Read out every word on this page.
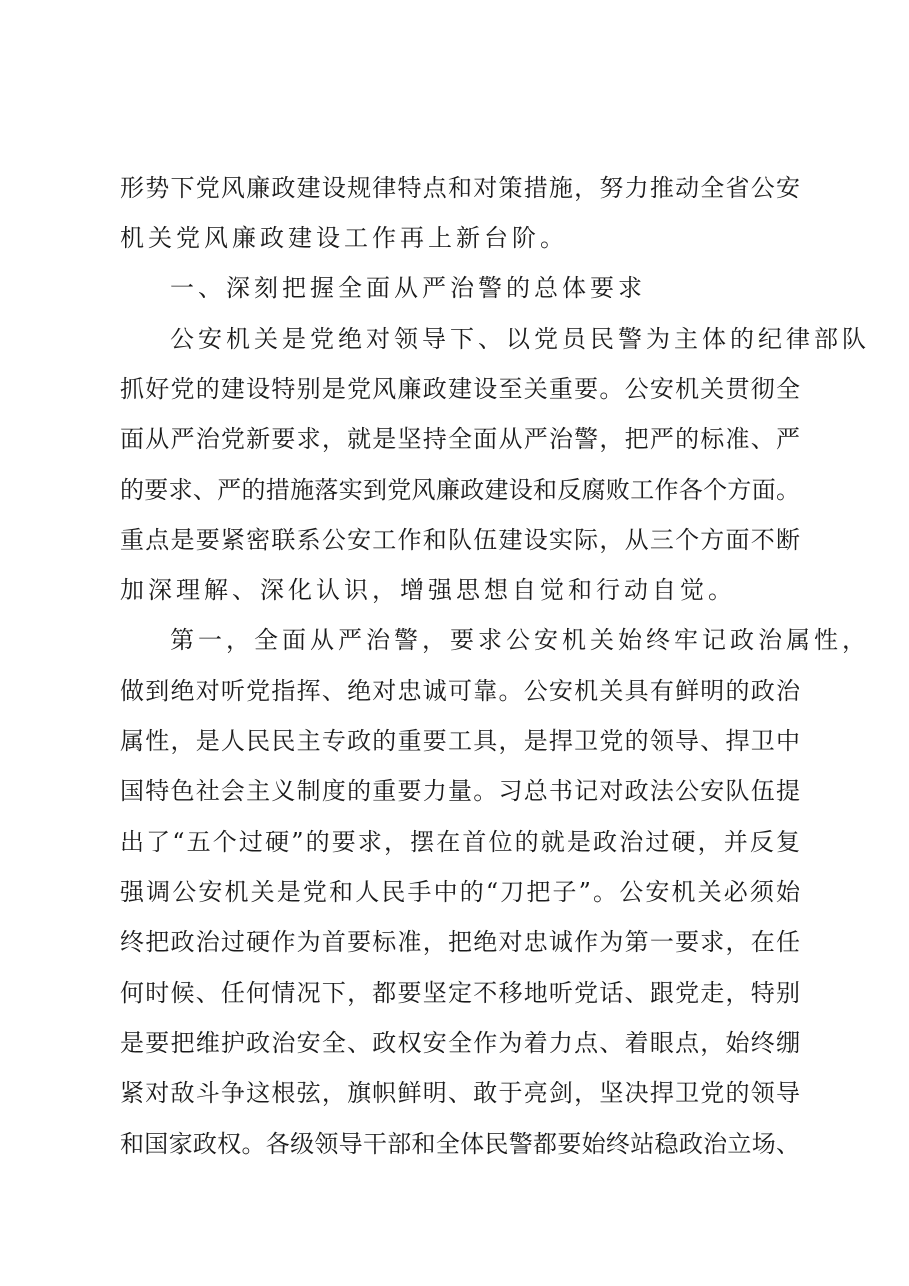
形势下党风廉政建设规律特点和对策措施，努力推动全省公安
机关党风廉政建设工作再上新台阶。
一、深刻把握全面从严治警的总体要求
公安机关是党绝对领导下、以党员民警为主体的纪律部队
抓好党的建设特别是党风廉政建设至关重要。公安机关贯彻全
面从严治党新要求，就是坚持全面从严治警，把严的标准、严
的要求、严的措施落实到党风廉政建设和反腐败工作各个方面。
重点是要紧密联系公安工作和队伍建设实际，从三个方面不断
加深理解、深化认识，增强思想自觉和行动自觉。
第一，全面从严治警，要求公安机关始终牢记政治属性，
做到绝对听党指挥、绝对忠诚可靠。公安机关具有鲜明的政治
属性，是人民民主专政的重要工具，是捍卫党的领导、捍卫中
国特色社会主义制度的重要力量。习总书记对政法公安队伍提
出了“五个过硬”的要求，摆在首位的就是政治过硬，并反复
强调公安机关是党和人民手中的“刀把子”。公安机关必须始
终把政治过硬作为首要标准，把绝对忠诚作为第一要求，在任
何时候、任何情况下，都要坚定不移地听党话、跟党走，特别
是要把维护政治安全、政权安全作为着力点、着眼点，始终绷
紧对敌斗争这根弦，旗帜鲜明、敢于亮剑，坚决捍卫党的领导
和国家政权。各级领导干部和全体民警都要始终站稳政治立场、
